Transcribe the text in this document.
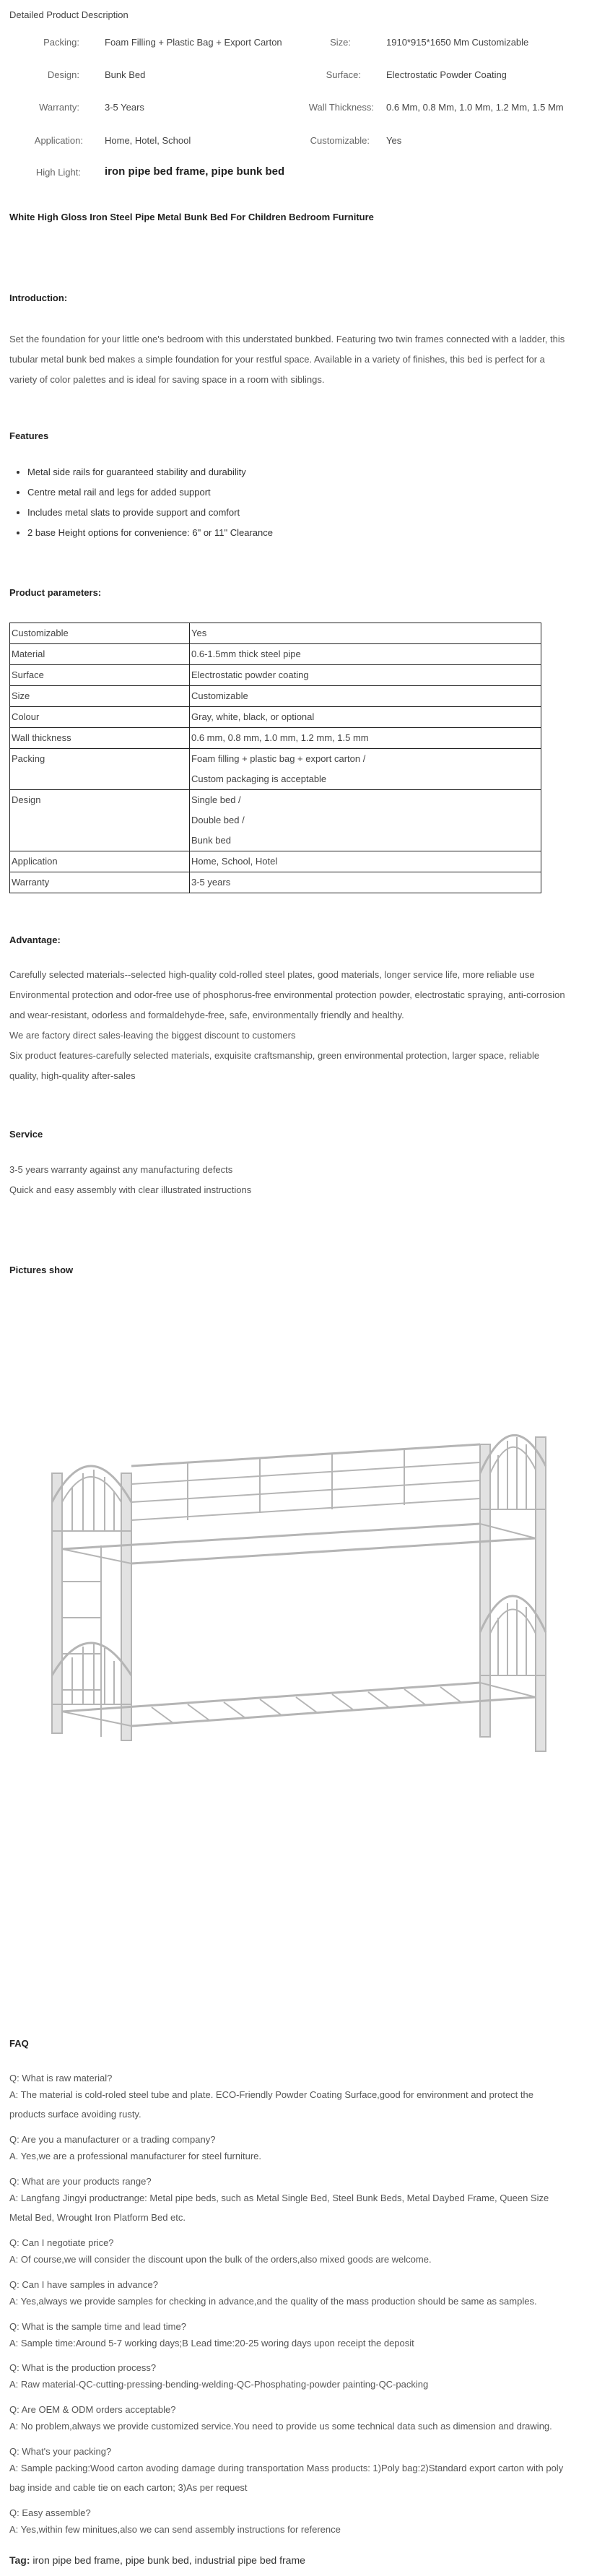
Detailed Product Description
Packing:	Foam Filling + Plastic Bag + Export Carton	Size:	1910*915*1650 Mm Customizable
Design:	Bunk Bed	Surface:	Electrostatic Powder Coating
Warranty:	3-5 Years	Wall Thickness: 0.6 Mm, 0.8 Mm, 1.0 Mm, 1.2 Mm, 1.5 Mm
Application: Home, Hotel, School	Customizable: Yes
High Light: iron pipe bed frame, pipe bunk bed
White High Gloss Iron Steel Pipe Metal Bunk Bed For Children Bedroom Furniture
Introduction:
Set the foundation for your little one's bedroom with this understated bunkbed. Featuring two twin frames connected with a ladder, this
tubular metal bunk bed makes a simple foundation for your restful space. Available in a variety of finishes, this bed is perfect for a
variety of color palettes and is ideal for saving space in a room with siblings.
Features
• Metal side rails for guaranteed stability and durability
• Centre metal rail and legs for added support
• Includes metal slats to provide support and comfort
• 2 base Height options for convenience: 6" or 11" Clearance
Product parameters:
Customizable	Yes

Material	0.6-1.5mm thick steel pipe

Surface	Electrostatic powder coating

Size	Customizable

Colour	Gray, white, black, or optional

Wall thickness	0.6 mm, 0.8 mm, 1.0 mm, 1.2 mm, 1.5 mm

Packing	Foam filling + plastic bag + export carton /
Custom packaging is acceptable

Design	Single bed /
Double bed /
Bunk bed

Application	Home, School, Hotel

Warranty	3-5 years
Advantage:
Carefully selected materials--selected high-quality cold-rolled steel plates, good materials, longer service life, more reliable use
Environmental protection and odor-free use of phosphorus-free environmental protection powder, electrostatic spraying, anti-corrosion
and wear-resistant, odorless and formaldehyde-free, safe, environmentally friendly and healthy.
We are factory direct sales-leaving the biggest discount to customers
Six product features-carefully selected materials, exquisite craftsmanship, green environmental protection, larger space, reliable
quality, high-quality after-sales
Service
3-5 years warranty against any manufacturing defects
Quick and easy assembly with clear illustrated instructions
Pictures show
FAQ
Q: What is raw material?
A: The material is cold-roled steel tube and plate. ECO-Friendly Powder Coating Surface,good for environment and protect the
products surface avoiding rusty.
Q: Are you a manufacturer or a trading company?
A. Yes,we are a professional manufacturer for steel furniture.
Q: What are your products range?
A: Langfang Jingyi productrange: Metal pipe beds, such as Metal Single Bed, Steel Bunk Beds, Metal Daybed Frame, Queen Size
Metal Bed, Wrought Iron Platform Bed etc.
Q: Can I negotiate price?
A: Of course,we will consider the discount upon the bulk of the orders,also mixed goods are welcome.
Q: Can I have samples in advance?
A: Yes,always we provide samples for checking in advance,and the quality of the mass production should be same as samples.
Q: What is the sample time and lead time?
A: Sample time:Around 5-7 working days;B Lead time:20-25 woring days upon receipt the deposit
Q: What is the production process?
A: Raw material-QC-cutting-pressing-bending-welding-QC-Phosphating-powder painting-QC-packing
Q: Are OEM & ODM orders acceptable?
A: No problem,always we provide customized service.You need to provide us some technical data such as dimension and drawing.
Tag: iron pipe bed frame, pipe bunk bed, industrial pipe bed frame
Q: What's your packing?
A: Sample packing:Wood carton avoding damage during transportation Mass products: 1)Poly bag:2)Standard export carton with poly
bag inside and cable tie on each carton; 3)As per request
Q: Easy assemble?
A: Yes,within few minitues,also we can send assembly instructions for reference
